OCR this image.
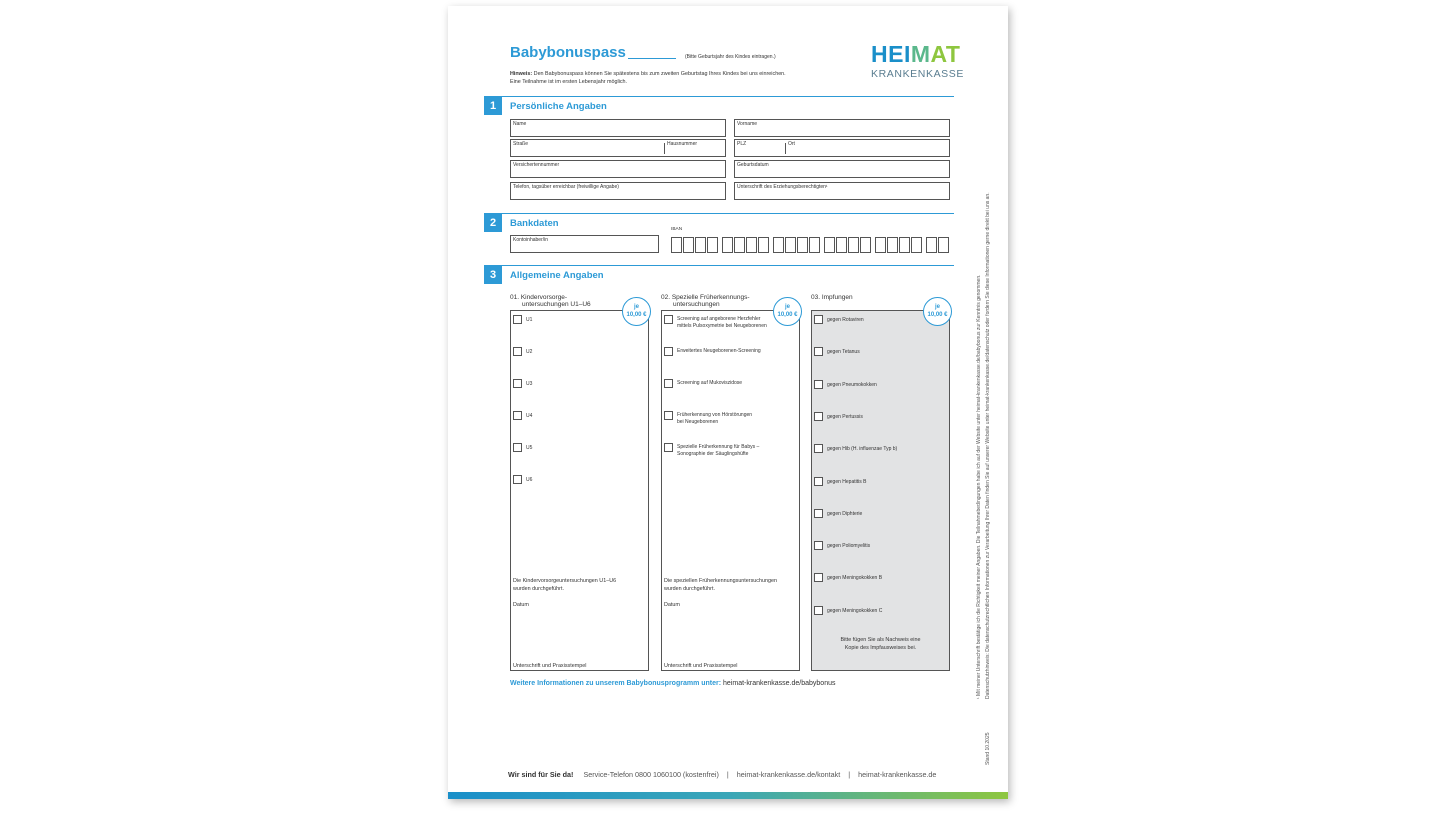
Babybonuspass	(Bitte Geburtsjahr des Kindes eintragen.)
Hinweis: Den Babybonuspass können Sie spätestens bis zum zweiten Geburtstag Ihres Kindes bei uns einreichen.
Eine Teilnahme ist im ersten Lebensjahr möglich.
HEIMAT
KRANKENKASSE
1	Persönliche Angaben
Name	Vorname
Straße	Hausnummer	PLZ	Ort
Versichertennummer	Geburtsdatum
Telefon, tagsüber erreichbar (freiwillige Angabe)	Unterschrift des Erziehungsberechtigten¹
2	Bankdaten
Kontoinhaber/in
IBAN
3	Allgemeine Angaben
01. Kindervorsorge-
untersuchungen U1–U6
U1
U2
U3
U4
U5
U6
Die Kindervorsorgeuntersuchungen U1–U6
wurden durchgeführt.
Datum
Unterschrift und Praxisstempel
je
10,00 €
02. Spezielle Früherkennungs-
untersuchungen
Screening auf angeborene Herzfehler
mittels Pulsoxymetrie bei Neugeborenen
Erweitertes Neugeborenen-Screening
Screening auf Mukoviszidose
Früherkennung von Hörstörungen
bei Neugeborenen
Spezielle Früherkennung für Babys –
Sonographie der Säuglingshüfte
Die speziellen Früherkennungsuntersuchungen
wurden durchgeführt.
Datum
Unterschrift und Praxisstempel
je
10,00 €
03. Impfungen
gegen Rotaviren
gegen Tetanus
gegen Pneumokokken
gegen Pertussis
gegen Hib (H. influenzae Typ b)
gegen Hepatitis B
gegen Diphterie
gegen Poliomyelitis
gegen Meningokokken B
gegen Meningokokken C
Bitte fügen Sie als Nachweis eine
Kopie des Impfausweises bei.
je
10,00 €
Weitere Informationen zu unserem Babybonusprogramm unter: heimat-krankenkasse.de/babybonus
Wir sind für Sie da! Service-Telefon 0800 1060100 (kostenfrei) | heimat-krankenkasse.de/kontakt | heimat-krankenkasse.de
¹ Mit meiner Unterschrift bestätige ich die Richtigkeit meiner Angaben. Die Teilnahmebedingungen habe ich auf der Website unter heimat-krankenkasse.de/babybonus zur Kenntnis genommen. Datenschutzhinweis: Die datenschutzrechtlichen Informationen zur Verarbeitung Ihrer Daten finden Sie auf unserer Website unter heimat-krankenkasse.de/datenschutz oder fordern Sie diese Informationen gerne direkt bei uns an.
Stand 10.2025
